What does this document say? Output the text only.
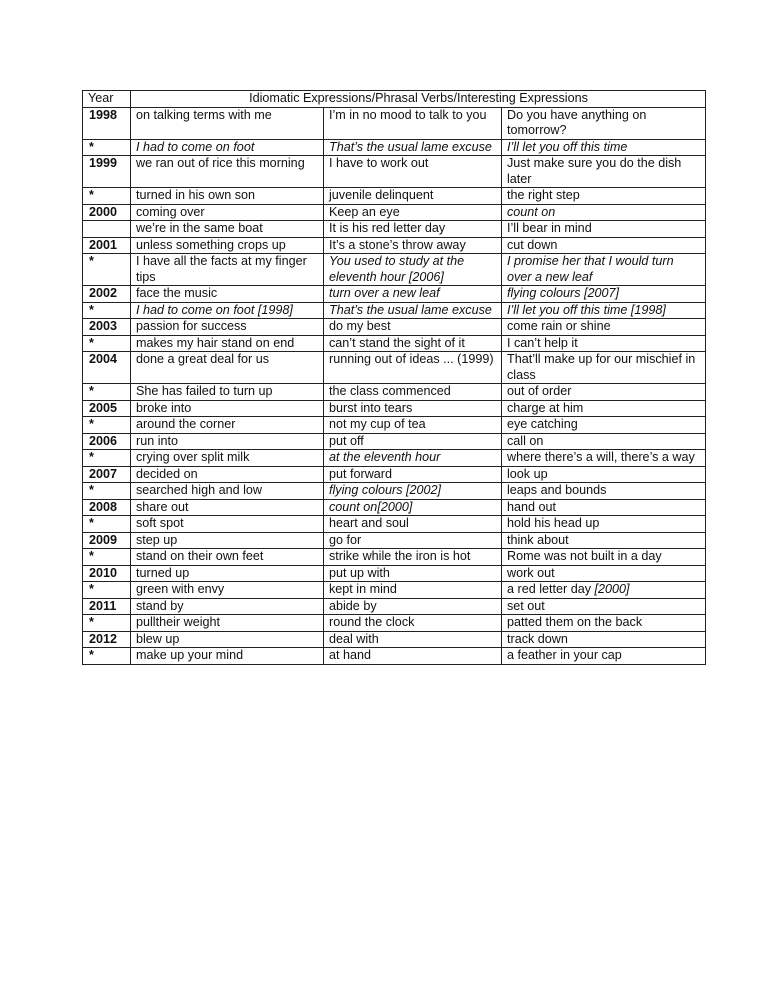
Year	Idiomatic Expressions/Phrasal Verbs/Interesting Expressions		
1998	on talking terms with me	I’m in no mood to talk to you	Do you have anything on tomorrow?
*	I had to come on foot	That’s the usual lame excuse	I’ll let you off this time
1999	we ran out of rice this morning	I have to work out	Just make sure you do the dish later
*	turned in his own son	juvenile delinquent	the right step
2000	coming over	Keep an eye	count on
	we’re in the same boat	It is his red letter day	I’ll bear in mind
2001	unless something crops up	It’s a stone’s throw away	cut down
*	I have all the facts at my finger tips	You used to study at the eleventh hour [2006]	I promise her that I would turn over a new leaf
2002	face the music	turn over a new leaf	flying colours [2007]
*	I had to come on foot [1998]	That’s the usual lame excuse	I’ll let you off this time [1998]
2003	passion for success	do my best	come rain or shine
*	makes my hair stand on end	can’t stand the sight of it	I can’t help it
2004	done a great deal for us	running out of ideas ... (1999)	That’ll make up for our mischief in class
*	She has failed to turn up	the class commenced	out of order
2005	broke into	burst into tears	charge at him
*	around the corner	not my cup of tea	eye catching
2006	run into	put off	call on
*	crying over split milk	at the eleventh hour	where there’s a will, there’s a way
2007	decided on	put forward	look up
*	searched high and low	flying colours [2002]	leaps and bounds
2008	share out	count on[2000]	hand out
*	soft spot	heart and soul	hold his head up
2009	step up	go for	think about
*	stand on their own feet	strike while the iron is hot	Rome was not built in a day
2010	turned up	put up with	work out
*	green with envy	kept in mind	a red letter day [2000]
2011	stand by	abide by	set out
*	pulltheir weight	round the clock	patted them on the back
2012	blew up	deal with	track down
*	make up your mind	at hand	a feather in your cap
